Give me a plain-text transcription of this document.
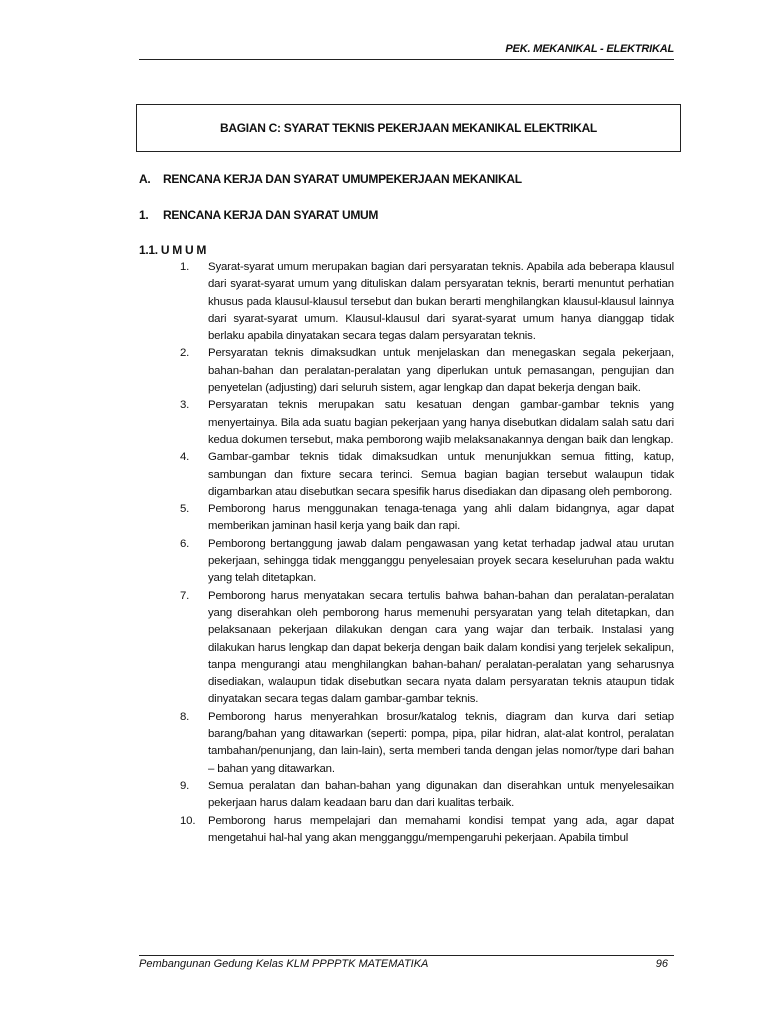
PEK. MEKANIKAL - ELEKTRIKAL
BAGIAN C: SYARAT TEKNIS PEKERJAAN MEKANIKAL ELEKTRIKAL
A. RENCANA KERJA DAN SYARAT UMUMPEKERJAAN MEKANIKAL
1. RENCANA KERJA DAN SYARAT UMUM
1.1. U M U M
1.	Syarat-syarat umum merupakan bagian dari persyaratan teknis. Apabila ada beberapa klausul dari syarat-syarat umum yang dituliskan dalam persyaratan teknis, berarti menuntut perhatian khusus pada klausul-klausul tersebut dan bukan berarti menghilangkan klausul-klausul lainnya dari syarat-syarat umum. Klausul-klausul dari syarat-syarat umum hanya dianggap tidak berlaku apabila dinyatakan secara tegas dalam persyaratan teknis.
2.	Persyaratan teknis dimaksudkan untuk menjelaskan dan menegaskan segala pekerjaan, bahan-bahan dan peralatan-peralatan yang diperlukan untuk pemasangan, pengujian dan penyetelan (adjusting) dari seluruh sistem, agar lengkap dan dapat bekerja dengan baik.
3.	Persyaratan teknis merupakan satu kesatuan dengan gambar-gambar teknis yang menyertainya. Bila ada suatu bagian pekerjaan yang hanya disebutkan didalam salah satu dari kedua dokumen tersebut, maka pemborong wajib melaksanakannya dengan baik dan lengkap.
4.	Gambar-gambar teknis tidak dimaksudkan untuk menunjukkan semua fitting, katup, sambungan dan fixture secara terinci. Semua bagian bagian tersebut walaupun tidak digambarkan atau disebutkan secara spesifik harus disediakan dan dipasang oleh pemborong.
5.	Pemborong harus menggunakan tenaga-tenaga yang ahli dalam bidangnya, agar dapat memberikan jaminan hasil kerja yang baik dan rapi.
6.	Pemborong bertanggung jawab dalam pengawasan yang ketat terhadap jadwal atau urutan pekerjaan, sehingga tidak mengganggu penyelesaian proyek secara keseluruhan pada waktu yang telah ditetapkan.
7.	Pemborong harus menyatakan secara tertulis bahwa bahan-bahan dan peralatan-peralatan yang diserahkan oleh pemborong harus memenuhi persyaratan yang telah ditetapkan, dan pelaksanaan pekerjaan dilakukan dengan cara yang wajar dan terbaik. Instalasi yang dilakukan harus lengkap dan dapat bekerja dengan baik dalam kondisi yang terjelek sekalipun, tanpa mengurangi atau menghilangkan bahan-bahan/ peralatan-peralatan yang seharusnya disediakan, walaupun tidak disebutkan secara nyata dalam persyaratan teknis ataupun tidak dinyatakan secara tegas dalam gambar-gambar teknis.
8.	Pemborong harus menyerahkan brosur/katalog teknis, diagram dan kurva dari setiap barang/bahan yang ditawarkan (seperti: pompa, pipa, pilar hidran, alat-alat kontrol, peralatan tambahan/penunjang, dan lain-lain), serta memberi tanda dengan jelas nomor/type dari bahan – bahan yang ditawarkan.
9.	Semua peralatan dan bahan-bahan yang digunakan dan diserahkan untuk menyelesaikan pekerjaan harus dalam keadaan baru dan dari kualitas terbaik.
10.	Pemborong harus mempelajari dan memahami kondisi tempat yang ada, agar dapat mengetahui hal-hal yang akan mengganggu/mempengaruhi pekerjaan. Apabila timbul
Pembangunan Gedung Kelas KLM PPPPTK MATEMATIKA	96
